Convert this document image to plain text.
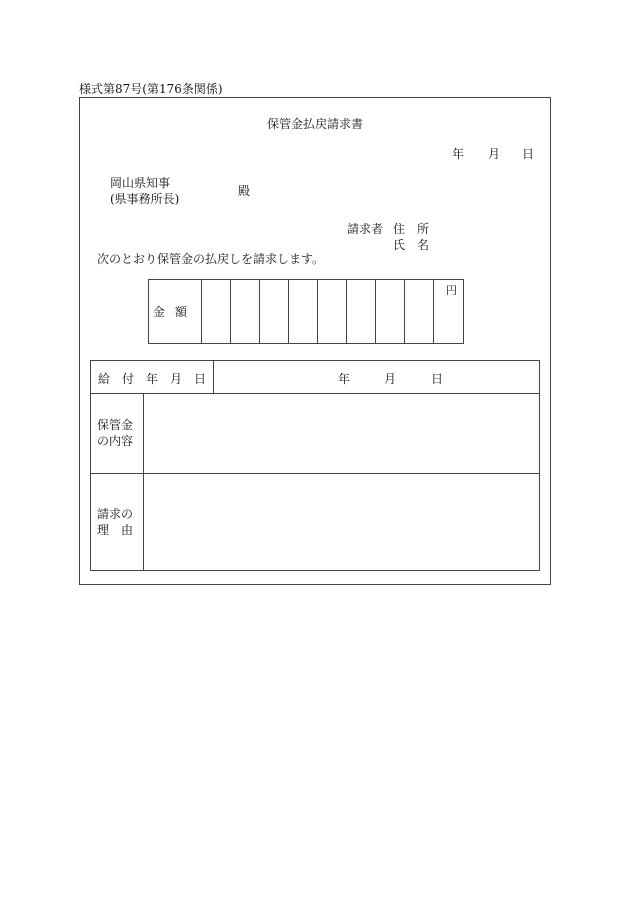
様式第87号(第176条関係)
保管金払戻請求書
年 月 日
岡山県知事
(県事務所長)
殿
請求者 住　所
氏　名
次のとおり保管金の払戻しを請求します。
金額
円
給　付　年　月　日	年	月	日
保管金
の内容
請求の
理　由
